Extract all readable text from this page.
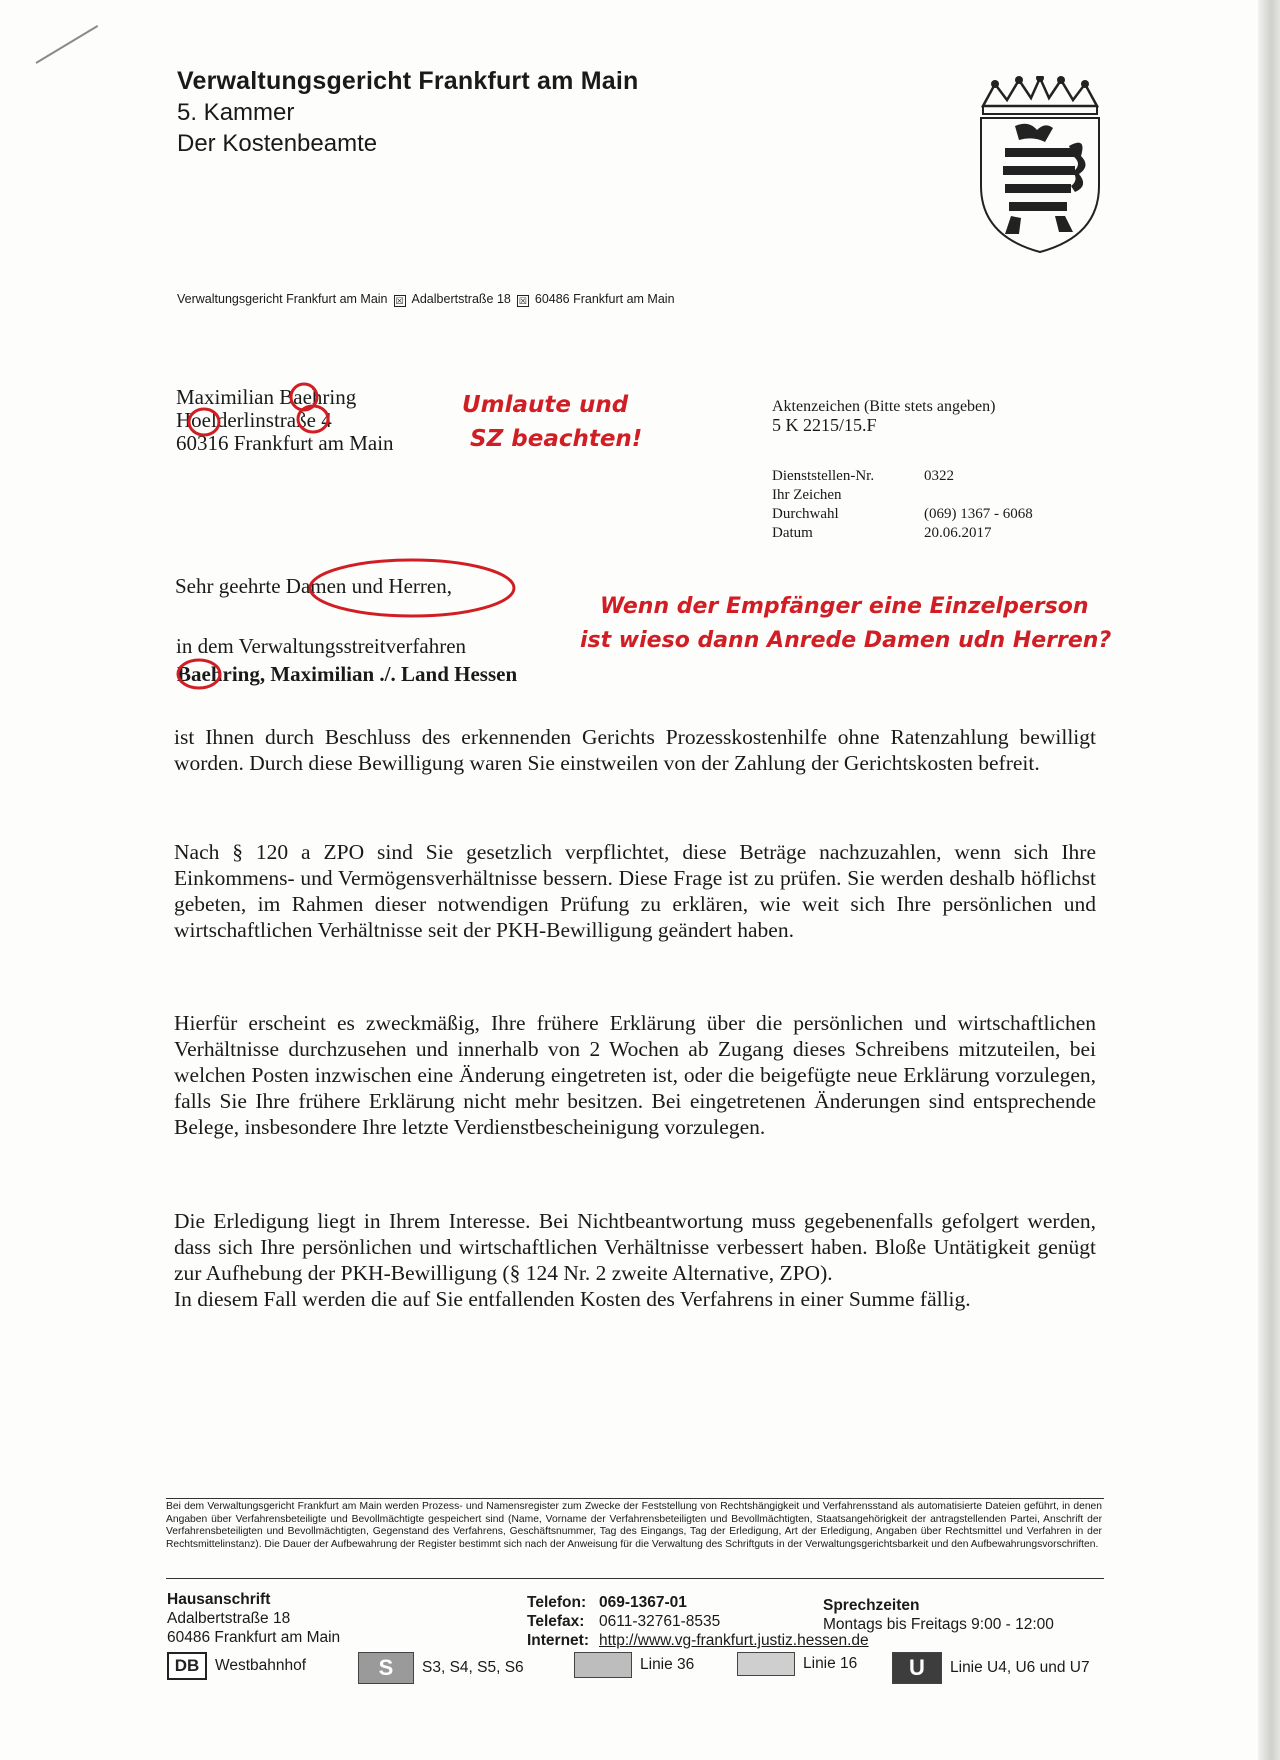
Verwaltungsgericht Frankfurt am Main
5. Kammer
Der Kostenbeamte
Verwaltungsgericht Frankfurt am Main ☒ Adalbertstraße 18 ☒ 60486 Frankfurt am Main
Maximilian Baehring
Hoelderlinstraße 4
60316 Frankfurt am Main
Umlaute und
SZ beachten!
Wenn der Empfänger eine Einzelperson
ist wieso dann Anrede Damen udn Herren?
Aktenzeichen (Bitte stets angeben)
5 K 2215/15.F
Dienststellen-Nr.	0322
Ihr Zeichen
Durchwahl	(069) 1367 - 6068
Datum	20.06.2017
Sehr geehrte Damen und Herren,
in dem Verwaltungsstreitverfahren
Baehring, Maximilian ./. Land Hessen
ist Ihnen durch Beschluss des erkennenden Gerichts Prozesskostenhilfe ohne Ratenzahlung bewilligt worden. Durch diese Bewilligung waren Sie einstweilen von der Zahlung der Gerichtskosten befreit.
Nach § 120 a ZPO sind Sie gesetzlich verpflichtet, diese Beträge nachzuzahlen, wenn sich Ihre Einkommens- und Vermögensverhältnisse bessern. Diese Frage ist zu prüfen. Sie werden deshalb höflichst gebeten, im Rahmen dieser notwendigen Prüfung zu erklären, wie weit sich Ihre persönlichen und wirtschaftlichen Verhältnisse seit der PKH-Bewilligung geändert haben.
Hierfür erscheint es zweckmäßig, Ihre frühere Erklärung über die persönlichen und wirtschaftlichen Verhältnisse durchzusehen und innerhalb von 2 Wochen ab Zugang dieses Schreibens mitzuteilen, bei welchen Posten inzwischen eine Änderung eingetreten ist, oder die beigefügte neue Erklärung vorzulegen, falls Sie Ihre frühere Erklärung nicht mehr besitzen. Bei eingetretenen Änderungen sind entsprechende Belege, insbesondere Ihre letzte Verdienstbescheinigung vorzulegen.
Die Erledigung liegt in Ihrem Interesse. Bei Nichtbeantwortung muss gegebenenfalls gefolgert werden, dass sich Ihre persönlichen und wirtschaftlichen Verhältnisse verbessert haben. Bloße Untätigkeit genügt zur Aufhebung der PKH-Bewilligung (§ 124 Nr. 2 zweite Alternative, ZPO).
In diesem Fall werden die auf Sie entfallenden Kosten des Verfahrens in einer Summe fällig.
Bei dem Verwaltungsgericht Frankfurt am Main werden Prozess- und Namensregister zum Zwecke der Feststellung von Rechtshängigkeit und Verfahrensstand als automatisierte Dateien geführt, in denen Angaben über Verfahrensbeteiligte und Bevollmächtigte gespeichert sind (Name, Vorname der Verfahrensbeteiligten und Bevollmächtigten, Staatsangehörigkeit der antragstellenden Partei, Anschrift der Verfahrensbeteiligten und Bevollmächtigten, Gegenstand des Verfahrens, Geschäftsnummer, Tag des Eingangs, Tag der Erledigung, Art der Erledigung, Angaben über Rechtsmittel und Verfahren in der Rechtsmittelinstanz). Die Dauer der Aufbewahrung der Register bestimmt sich nach der Anweisung für die Verwaltung des Schriftguts in der Verwaltungsgerichtsbarkeit und den Aufbewahrungsvorschriften.
Hausanschrift
Adalbertstraße 18
60486 Frankfurt am Main
Telefon: 069-1367-01
Telefax: 0611-32761-8535
Internet: http://www.vg-frankfurt.justiz.hessen.de
Sprechzeiten
Montags bis Freitags 9:00 - 12:00
DB	Westbahnhof	S	S3, S4, S5, S6	Linie 36	Linie 16	U	Linie U4, U6 und U7
